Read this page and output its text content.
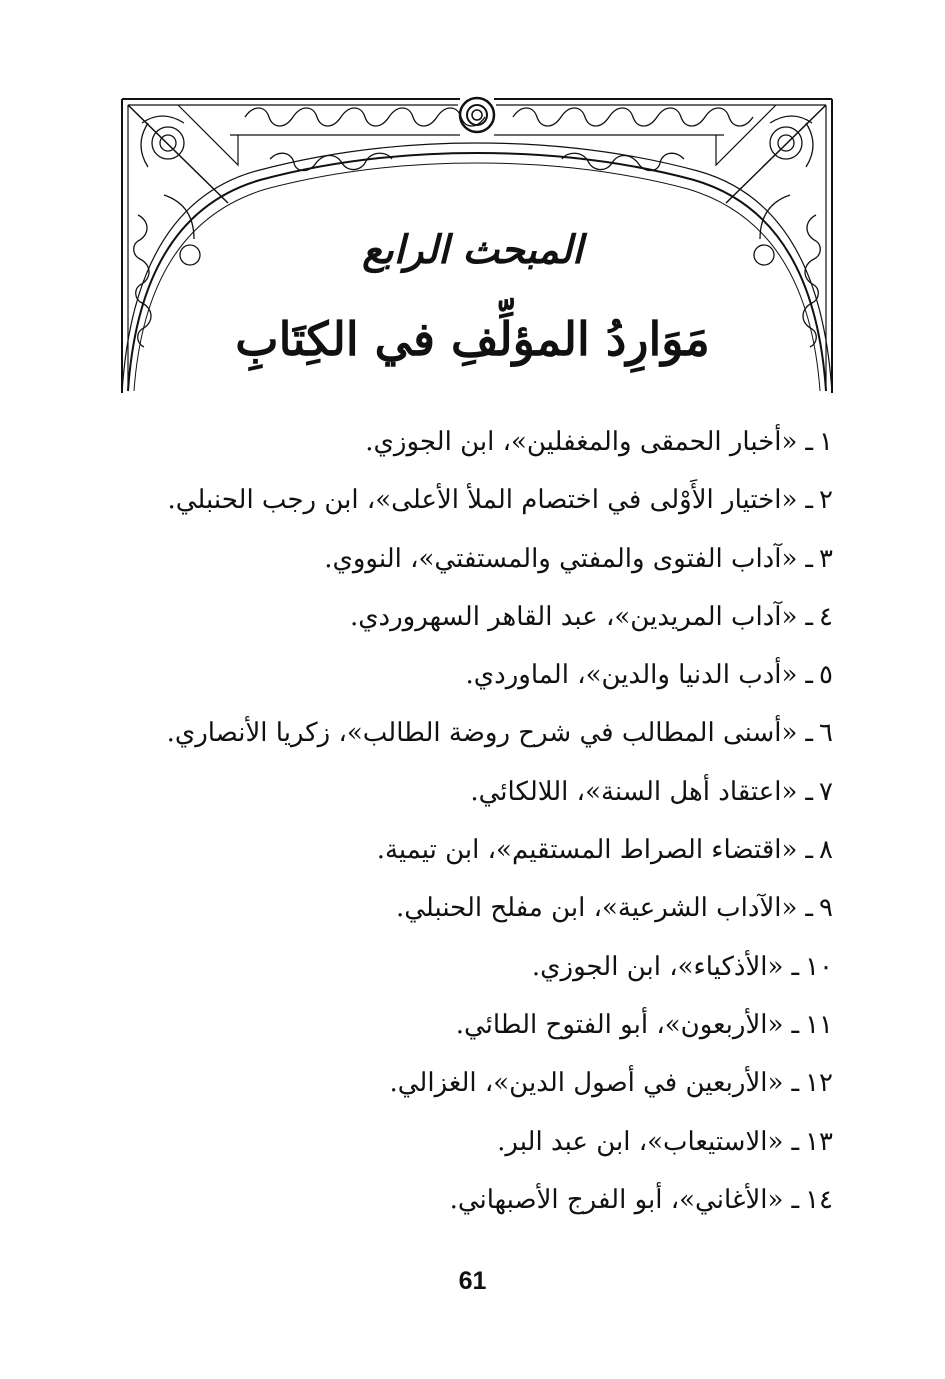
المبحث الرابع
مَوَارِدُ المؤلِّفِ في الكِتَابِ
١ـ«أخبار الحمقى والمغفلين»، ابن الجوزي.
٢ـ«اختيار الأَوْلى في اختصام الملأ الأعلى»، ابن رجب الحنبلي.
٣ـ«آداب الفتوى والمفتي والمستفتي»، النووي.
٤ـ«آداب المريدين»، عبد القاهر السهروردي.
٥ـ«أدب الدنيا والدين»، الماوردي.
٦ـ«أسنى المطالب في شرح روضة الطالب»، زكريا الأنصاري.
٧ـ«اعتقاد أهل السنة»، اللالكائي.
٨ـ«اقتضاء الصراط المستقيم»، ابن تيمية.
٩ـ«الآداب الشرعية»، ابن مفلح الحنبلي.
١٠ـ«الأذكياء»، ابن الجوزي.
١١ـ«الأربعون»، أبو الفتوح الطائي.
١٢ـ«الأربعين في أصول الدين»، الغزالي.
١٣ـ«الاستيعاب»، ابن عبد البر.
١٤ـ«الأغاني»، أبو الفرج الأصبهاني.
61
